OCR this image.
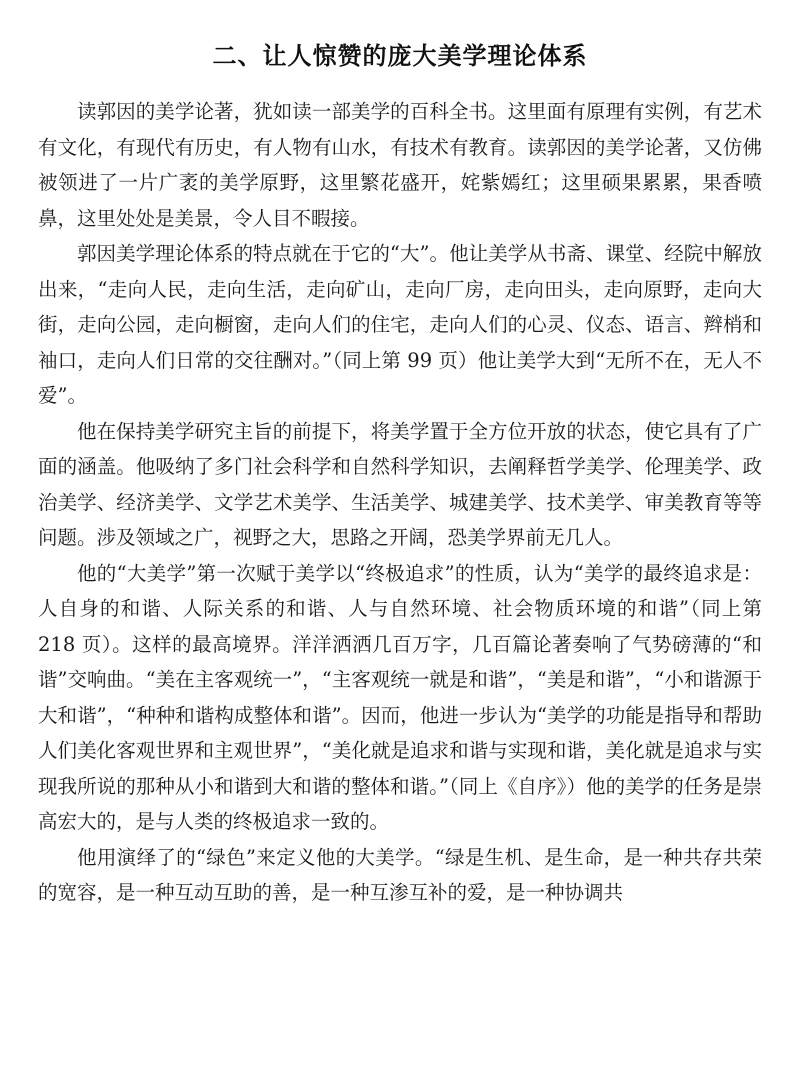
二、让人惊赞的庞大美学理论体系

读郭因的美学论著，犹如读一部美学的百科全书。这里面有原理有实例，有艺术有文化，有现代有历史，有人物有山水，有技术有教育。读郭因的美学论著，又仿佛被领进了一片广袤的美学原野，这里繁花盛开，姹紫嫣红；这里硕果累累，果香喷鼻，这里处处是美景，令人目不暇接。

郭因美学理论体系的特点就在于它的“大”。他让美学从书斋、课堂、经院中解放出来，“走向人民，走向生活，走向矿山，走向厂房，走向田头，走向原野，走向大街，走向公园，走向橱窗，走向人们的住宅，走向人们的心灵、仪态、语言、辫梢和袖口，走向人们日常的交往酬对。”（同上第 99 页）他让美学大到“无所不在，无人不爱”。

他在保持美学研究主旨的前提下，将美学置于全方位开放的状态，使它具有了广面的涵盖。他吸纳了多门社会科学和自然科学知识，去阐释哲学美学、伦理美学、政治美学、经济美学、文学艺术美学、生活美学、城建美学、技术美学、审美教育等等问题。涉及领域之广，视野之大，思路之开阔，恐美学界前无几人。

他的“大美学”第一次赋于美学以“终极追求”的性质，认为“美学的最终追求是：人自身的和谐、人际关系的和谐、人与自然环境、社会物质环境的和谐”（同上第 218 页）。这样的最高境界。洋洋洒洒几百万字，几百篇论著奏响了气势磅薄的“和谐”交响曲。“美在主客观统一”，“主客观统一就是和谐”，“美是和谐”，“小和谐源于大和谐”，“种种和谐构成整体和谐”。因而，他进一步认为“美学的功能是指导和帮助人们美化客观世界和主观世界”，“美化就是追求和谐与实现和谐，美化就是追求与实现我所说的那种从小和谐到大和谐的整体和谐。”（同上《自序》）他的美学的任务是崇高宏大的，是与人类的终极追求一致的。

他用演绎了的“绿色”来定义他的大美学。“绿是生机、是生命，是一种共存共荣的宽容，是一种互动互助的善，是一种互渗互补的爱，是一种协调共
